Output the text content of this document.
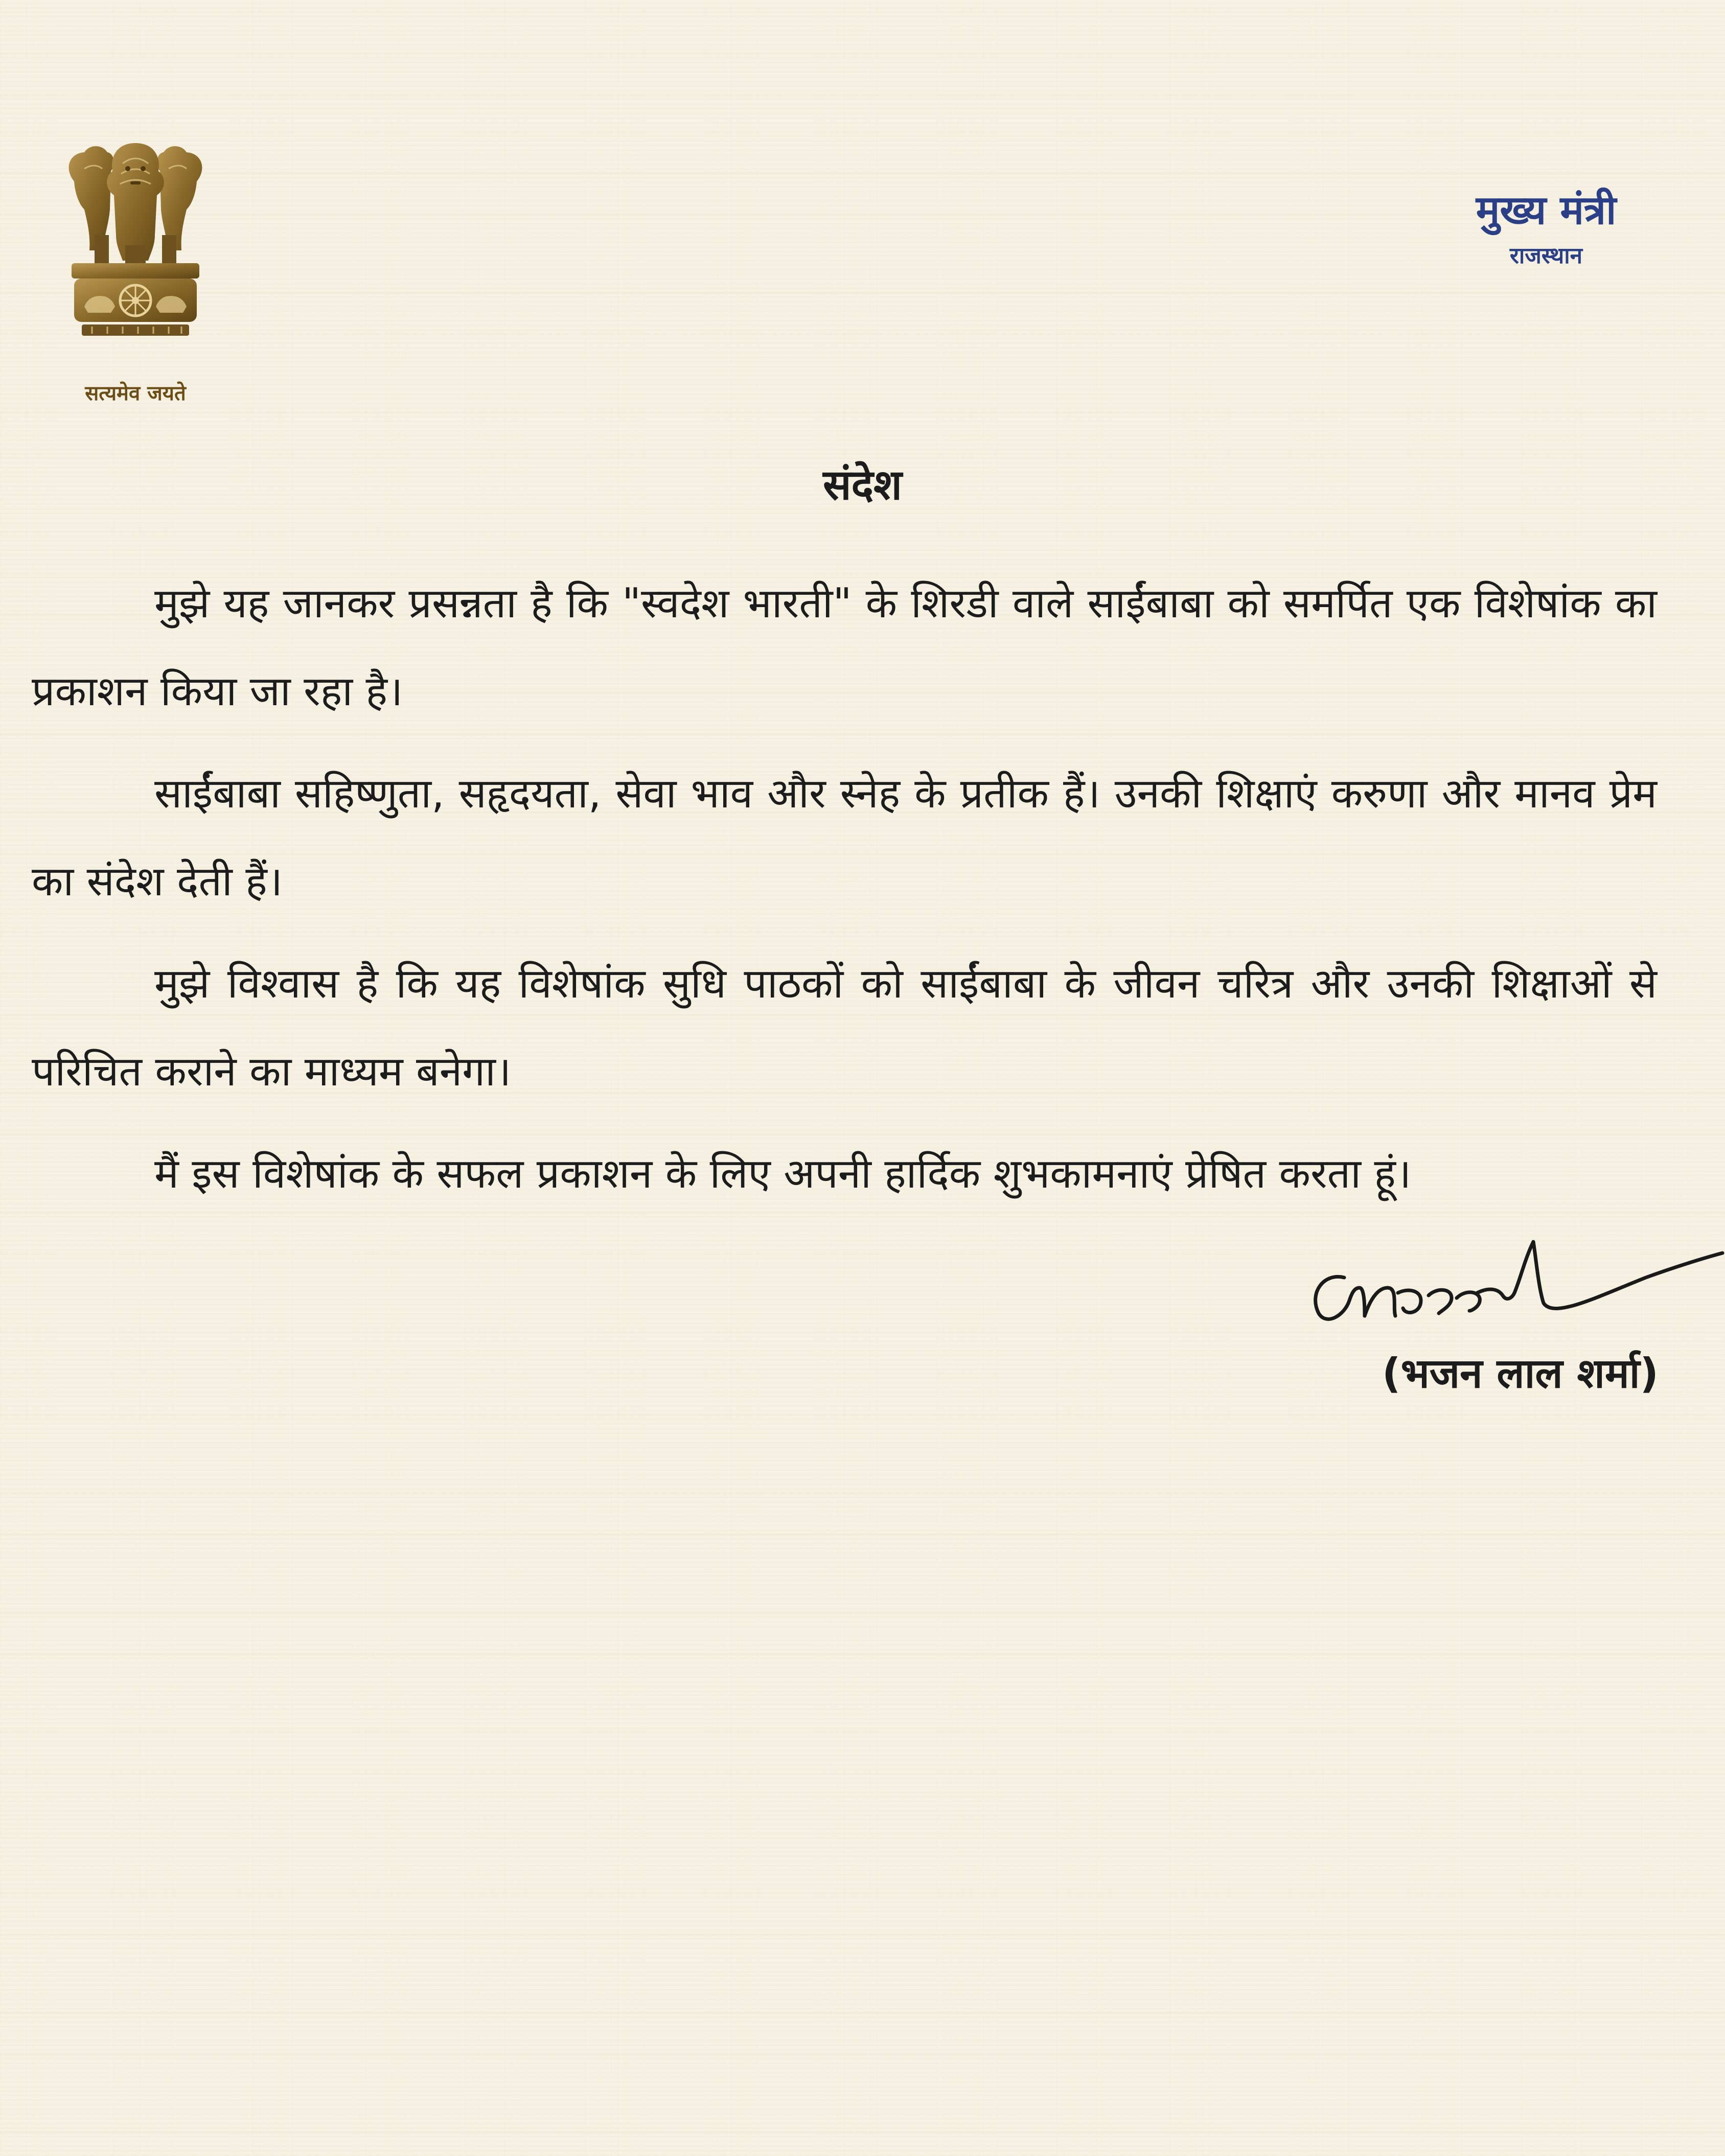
सत्यमेव जयते
मुख्य मंत्री
राजस्थान
संदेश

मुझे यह जानकर प्रसन्नता है कि "स्वदेश भारती" के शिरडी वाले साईंबाबा को समर्पित एक विशेषांक का प्रकाशन किया जा रहा है।

साईंबाबा सहिष्णुता, सहृदयता, सेवा भाव और स्नेह के प्रतीक हैं। उनकी शिक्षाएं करुणा और मानव प्रेम का संदेश देती हैं।

मुझे विश्वास है कि यह विशेषांक सुधि पाठकों को साईंबाबा के जीवन चरित्र और उनकी शिक्षाओं से परिचित कराने का माध्यम बनेगा।

मैं इस विशेषांक के सफल प्रकाशन के लिए अपनी हार्दिक शुभकामनाएं प्रेषित करता हूं।

(भजन लाल शर्मा)
